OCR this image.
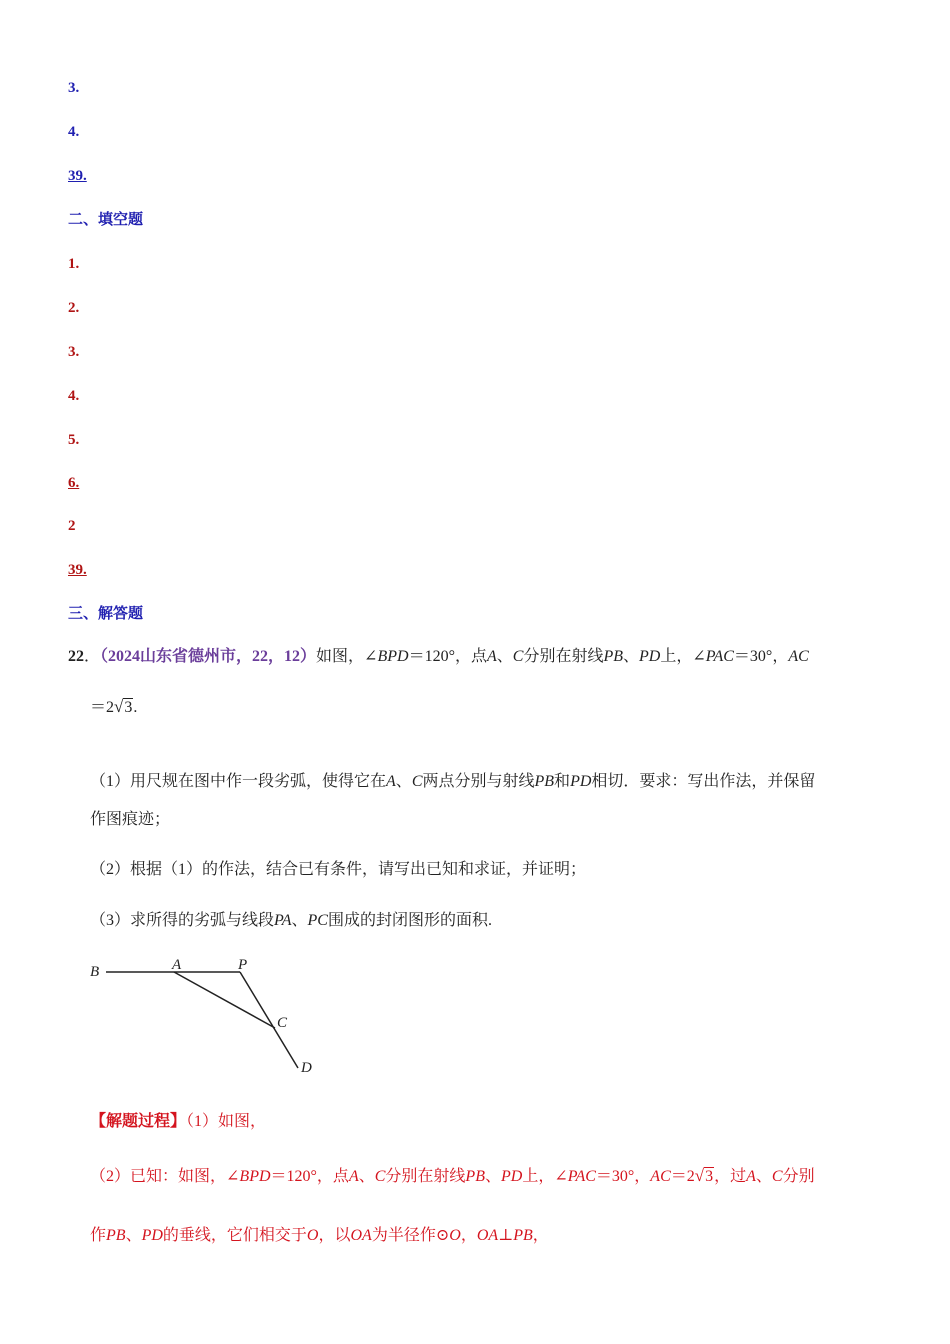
3.
4.
39.
二、填空题
1.
2.
3.
4.
5.
6.
2
39.
三、解答题
22．（2024山东省德州市，22，12）如图，∠BPD＝120°，点A、C分别在射线PB、PD上，∠PAC＝30°，AC
＝2√3.
（1）用尺规在图中作一段劣弧，使得它在A、C两点分别与射线PB和PD相切．要求：写出作法，并保留
作图痕迹；
（2）根据（1）的作法，结合已有条件，请写出已知和求证，并证明；
（3）求所得的劣弧与线段PA、PC围成的封闭图形的面积.
B	A	P
C
D
【解题过程】（1）如图，
（2）已知：如图，∠BPD＝120°，点A、C分别在射线PB、PD上，∠PAC＝30°，AC＝2√3，过A、C分别
作PB、PD的垂线，它们相交于O，以OA为半径作⊙O，OA⊥PB，
